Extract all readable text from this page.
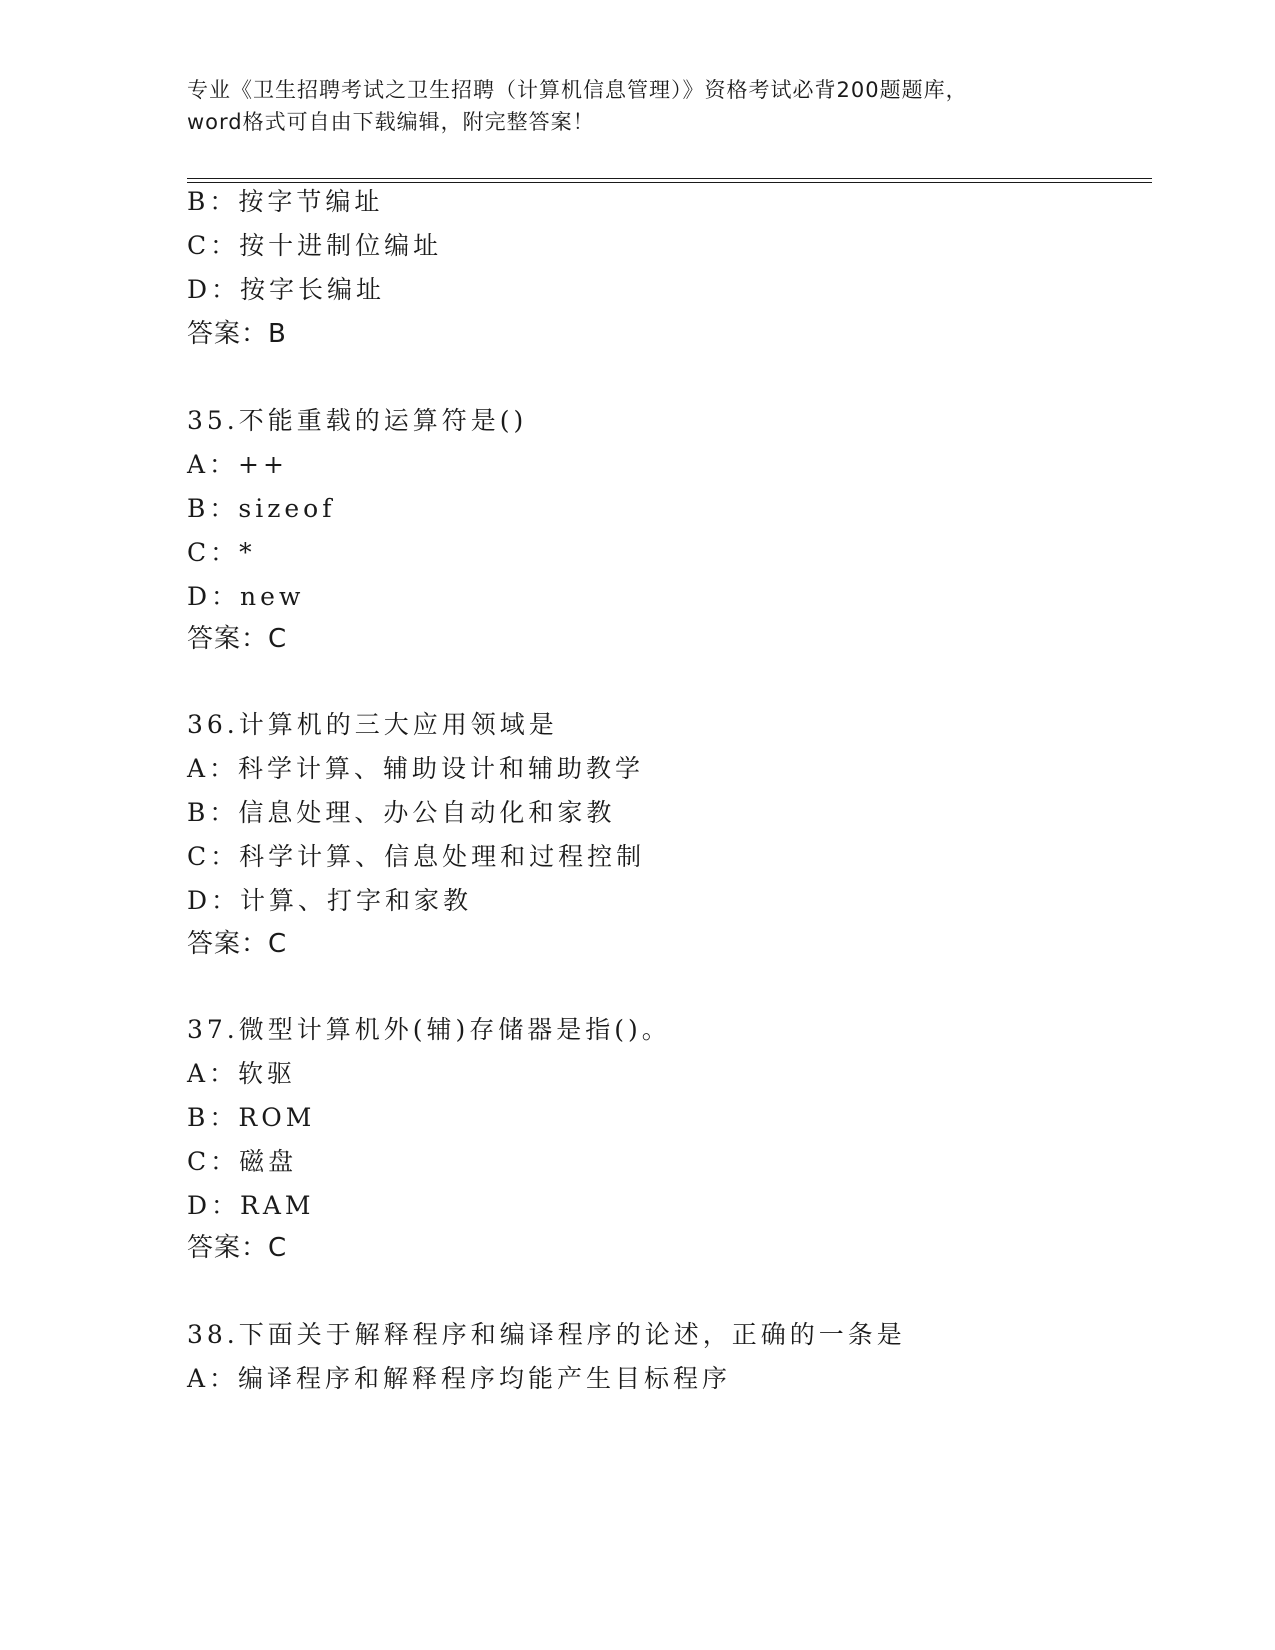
专业《卫生招聘考试之卫生招聘（计算机信息管理）》资格考试必背200题题库，
word格式可自由下载编辑，附完整答案！
B：按字节编址
C：按十进制位编址
D：按字长编址
答案：B
35.不能重载的运算符是()
A：++
B：sizeof
C：*
D：new
答案：C
36.计算机的三大应用领域是
A：科学计算、辅助设计和辅助教学
B：信息处理、办公自动化和家教
C：科学计算、信息处理和过程控制
D：计算、打字和家教
答案：C
37.微型计算机外(辅)存储器是指()。
A：软驱
B：ROM
C：磁盘
D：RAM
答案：C
38.下面关于解释程序和编译程序的论述，正确的一条是
A：编译程序和解释程序均能产生目标程序
